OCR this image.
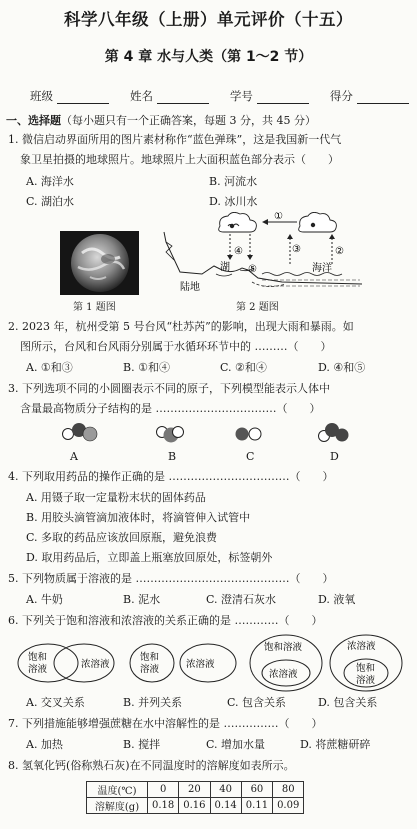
科学八年级（上册）单元评价（十五）
第 4 章 水与人类（第 1～2 节）
班级	姓名	学号	得分
一、选择题（每小题只有一个正确答案，每题 3 分，共 45 分）
1. 微信启动界面所用的图片素材称作“蓝色弹珠”，这是我国新一代气
象卫星拍摄的地球照片。地球照片上大面积蓝色部分表示（　　）
A. 海洋水	B. 河流水
C. 湖泊水	D. 冰川水
第 1 题图
①
④	③	②
湖 ⑤	海洋
陆地
第 2 题图
2. 2023 年，杭州受第 5 号台风“杜苏芮”的影响，出现大雨和暴雨。如
图所示，台风和台风雨分别属于水循环环节中的 ………（　　）
A. ①和③	B. ①和④	C. ②和④	D. ④和⑤
3. 下列选项不同的小圆圈表示不同的原子，下列模型能表示人体中
含量最高物质分子结构的是 ……………………………（　　）
A	B	C	D
4. 下列取用药品的操作正确的是 ……………………………（　　）
A. 用镊子取一定量粉末状的固体药品
B. 用胶头滴管滴加液体时，将滴管伸入试管中
C. 多取的药品应该放回原瓶，避免浪费
D. 取用药品后，立即盖上瓶塞放回原处，标签朝外
5. 下列物质属于溶液的是 ……………………………………（　　）
A. 牛奶	B. 泥水	C. 澄清石灰水	D. 液氧
6. 下列关于饱和溶液和浓溶液的关系正确的是 …………（　　）
饱和
溶液	浓溶液
饱和
溶液	浓溶液
饱和溶液
浓溶液
浓溶液
饱和
溶液
A. 交叉关系	B. 并列关系	C. 包含关系	D. 包含关系
7. 下列措施能够增强蔗糖在水中溶解性的是 ……………（　　）
A. 加热	B. 搅拌	C. 增加水量	D. 将蔗糖研碎
8. 氢氧化钙(俗称熟石灰)在不同温度时的溶解度如表所示。
温度(℃)	0	20	40	60	80
溶解度(g)	0.18	0.16	0.14	0.11	0.09
